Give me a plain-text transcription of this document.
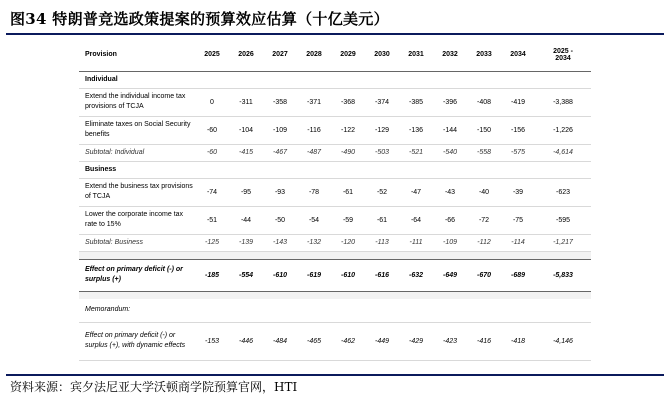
图34 特朗普竞选政策提案的预算效应估算（十亿美元）
Provision	2025	2026	2027	2028	2029	2030	2031	2032	2033	2034	2025 -
2034

Individual											
Extend the individual income tax provisions of TCJA	0	-311	-358	-371	-368	-374	-385	-396	-408	-419	-3,388
Eliminate taxes on Social Security benefits	-60	-104	-109	-116	-122	-129	-136	-144	-150	-156	-1,226
Subtotal: Individual	-60	-415	-467	-487	-490	-503	-521	-540	-558	-575	-4,614
Business											
Extend the business tax provisions of TCJA	-74	-95	-93	-78	-61	-52	-47	-43	-40	-39	-623
Lower the corporate income tax rate to 15%	-51	-44	-50	-54	-59	-61	-64	-66	-72	-75	-595
Subtotal: Business	-125	-139	-143	-132	-120	-113	-111	-109	-112	-114	-1,217

Effect on primary deficit (-) or surplus (+)	-185	-554	-610	-619	-610	-616	-632	-649	-670	-689	-5,833

Memorandum:											
Effect on primary deficit (-) or surplus (+), with dynamic effects	-153	-446	-484	-465	-462	-449	-429	-423	-416	-418	-4,146
资料来源：宾夕法尼亚大学沃顿商学院预算官网，HTI
